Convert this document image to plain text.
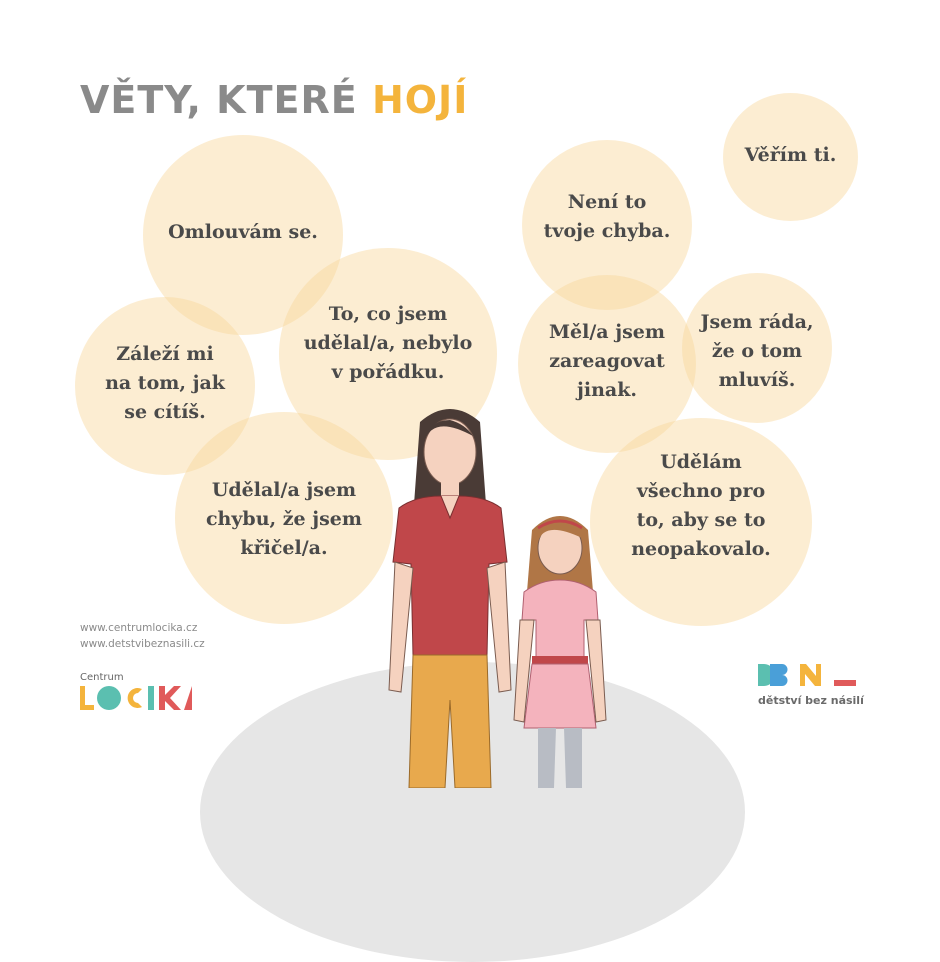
VĚTY, KTERÉ HOJÍ

Omlouvám se.

Není to
tvoje chyba.

Věřím ti.

To, co jsem
udělal/a, nebylo
v pořádku.

Měl/a jsem
zareagovat
jinak.

Jsem ráda,
že o tom
mluvíš.

Záleží mi
na tom, jak
se cítíš.

Udělal/a jsem
chybu, že jsem
křičel/a.

Udělám
všechno pro
to, aby se to
neopakovalo.

www.centrumlocika.cz
www.detstvibeznasili.cz
Centrum
dětství bez násilí
